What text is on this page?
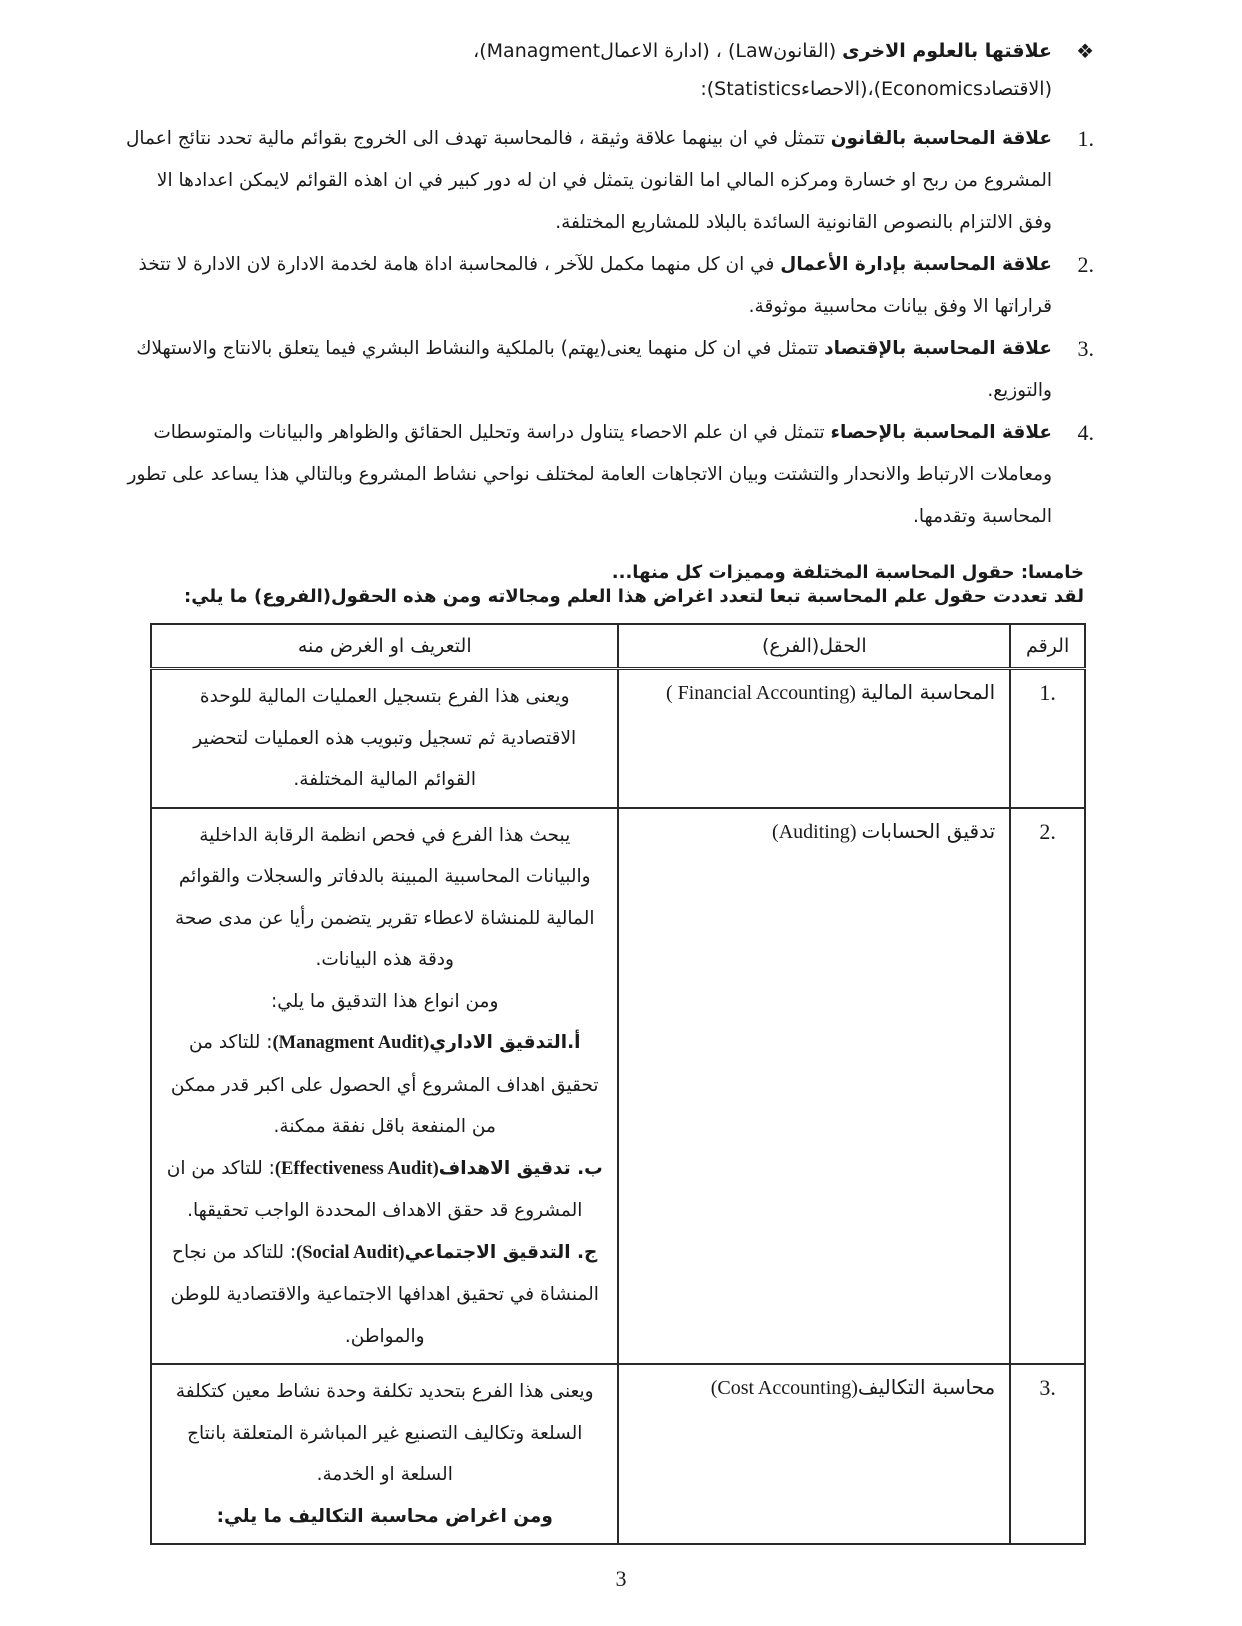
❖
علاقتها بالعلوم الاخرى (القانونLaw) ، (ادارة الاعمالManagment)،
(الاقتصادEconomics)،(الاحصاءStatistics):
1.
علاقة المحاسبة بالقانون تتمثل في ان بينهما علاقة وثيقة ، فالمحاسبة تهدف الى الخروج بقوائم مالية تحدد نتائج اعمال المشروع من ربح او خسارة ومركزه المالي اما القانون يتمثل في ان له دور كبير في ان اهذه القوائم لايمكن اعدادها الا وفق الالتزام بالنصوص القانونية السائدة بالبلاد للمشاريع المختلفة.
2.
علاقة المحاسبة بإدارة الأعمال في ان كل منهما مكمل للآخر ، فالمحاسبة اداة هامة لخدمة الادارة لان الادارة لا تتخذ قراراتها الا وفق بيانات محاسبية موثوقة.
3.
علاقة المحاسبة بالإقتصاد تتمثل في ان كل منهما يعنى(يهتم) بالملكية والنشاط البشري فيما يتعلق بالانتاج والاستهلاك والتوزيع.
4.
علاقة المحاسبة بالإحصاء تتمثل في ان علم الاحصاء يتناول دراسة وتحليل الحقائق والظواهر والبيانات والمتوسطات ومعاملات الارتباط والانحدار والتشتت وبيان الاتجاهات العامة لمختلف نواحي نشاط المشروع وبالتالي هذا يساعد على تطور المحاسبة وتقدمها.
خامسا: حقول المحاسبة المختلفة ومميزات كل منها...
لقد تعددت حقول علم المحاسبة تبعا لتعدد اغراض هذا العلم ومجالاته ومن هذه الحقول(الفروع) ما يلي:
الرقم	الحقل(الفرع)	التعريف او الغرض منه
1.	المحاسبة المالية (Financial Accounting )	ويعنى هذا الفرع بتسجيل العمليات المالية للوحدة الاقتصادية ثم تسجيل وتبويب هذه العمليات لتحضير القوائم المالية المختلفة.
2.	تدقيق الحسابات (Auditing)	يبحث هذا الفرع في فحص انظمة الرقابة الداخلية والبيانات المحاسبية المبينة بالدفاتر والسجلات والقوائم المالية للمنشاة لاعطاء تقرير يتضمن رأيا عن مدى صحة ودقة هذه البيانات.
ومن انواع هذا التدقيق ما يلي:
أ.التدقيق الاداري(Managment Audit): للتاكد من تحقيق اهداف المشروع أي الحصول على اكبر قدر ممكن من المنفعة باقل نفقة ممكنة.
ب. تدقيق الاهداف(Effectiveness Audit): للتاكد من ان المشروع قد حقق الاهداف المحددة الواجب تحقيقها.
ج. التدقيق الاجتماعي(Social Audit): للتاكد من نجاح المنشاة في تحقيق اهدافها الاجتماعية والاقتصادية للوطن والمواطن.

3.	محاسبة التكاليف(Cost Accounting)	ويعنى هذا الفرع بتحديد تكلفة وحدة نشاط معين كتكلفة السلعة وتكاليف التصنيع غير المباشرة المتعلقة بانتاج السلعة او الخدمة.
ومن اغراض محاسبة التكاليف ما يلي:
3
